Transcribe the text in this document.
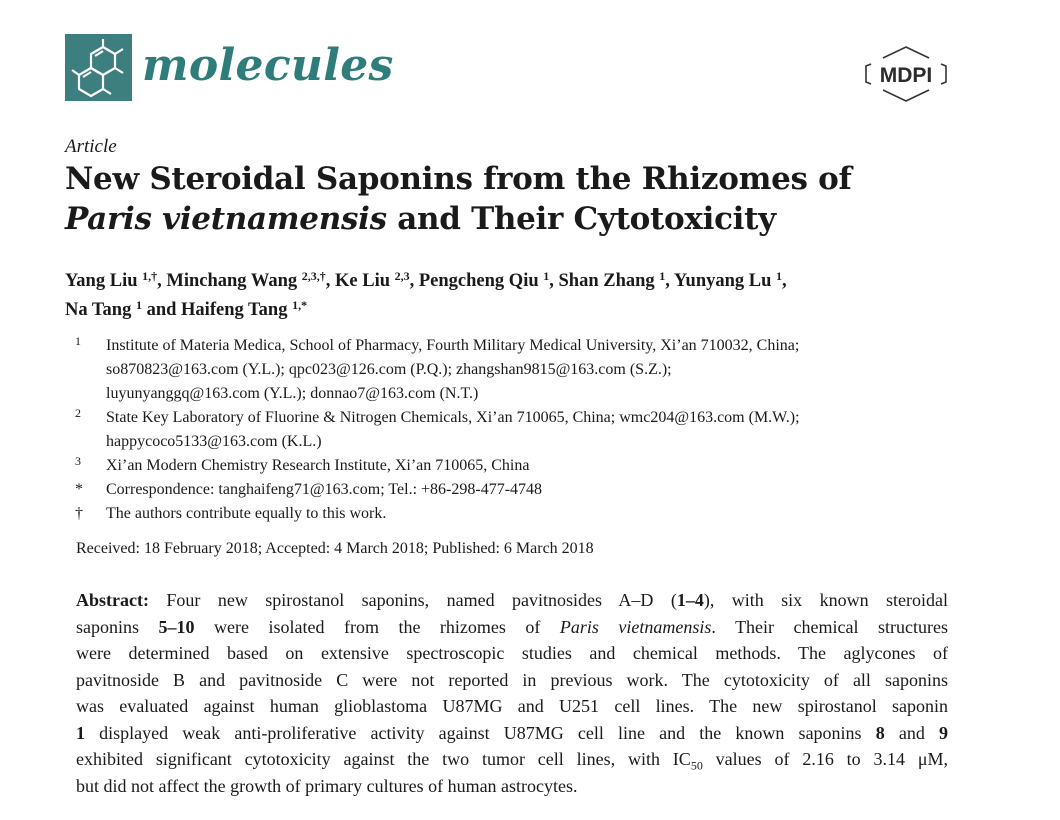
molecules	MDPI
Article
New Steroidal Saponins from the Rhizomes of
Paris vietnamensis and Their Cytotoxicity
Yang Liu $^{1,\dagger}$, Minchang Wang $^{2,3,\dagger}$, Ke Liu $^{2,3}$, Pengcheng Qiu $^1$, Shan Zhang $^1$, Yunyang Lu $^1$,
Na Tang $^1$ and Haifeng Tang $^{1,*}$
1	Institute of Materia Medica, School of Pharmacy, Fourth Military Medical University, Xi’an 710032, China;
so870823@163.com (Y.L.); qpc023@126.com (P.Q.); zhangshan9815@163.com (S.Z.);
luyunyanggq@163.com (Y.L.); donnao7@163.com (N.T.)
2	State Key Laboratory of Fluorine & Nitrogen Chemicals, Xi’an 710065, China; wmc204@163.com (M.W.);
happycoco5133@163.com (K.L.)
3	Xi’an Modern Chemistry Research Institute, Xi’an 710065, China
*	Correspondence: tanghaifeng71@163.com; Tel.: +86-298-477-4748
†	The authors contribute equally to this work.
Received: 18 February 2018; Accepted: 4 March 2018; Published: 6 March 2018
Abstract: Four new spirostanol saponins, named pavitnosides A–D (1–4), with six known steroidal
saponins 5–10 were isolated from the rhizomes of Paris vietnamensis. Their chemical structures
were determined based on extensive spectroscopic studies and chemical methods. The aglycones of
pavitnoside B and pavitnoside C were not reported in previous work. The cytotoxicity of all saponins
was evaluated against human glioblastoma U87MG and U251 cell lines. The new spirostanol saponin
1 displayed weak anti-proliferative activity against U87MG cell line and the known saponins 8 and 9
exhibited significant cytotoxicity against the two tumor cell lines, with $IC_{50}$ values of 2.16 to 3.14 μM,
but did not affect the growth of primary cultures of human astrocytes.
